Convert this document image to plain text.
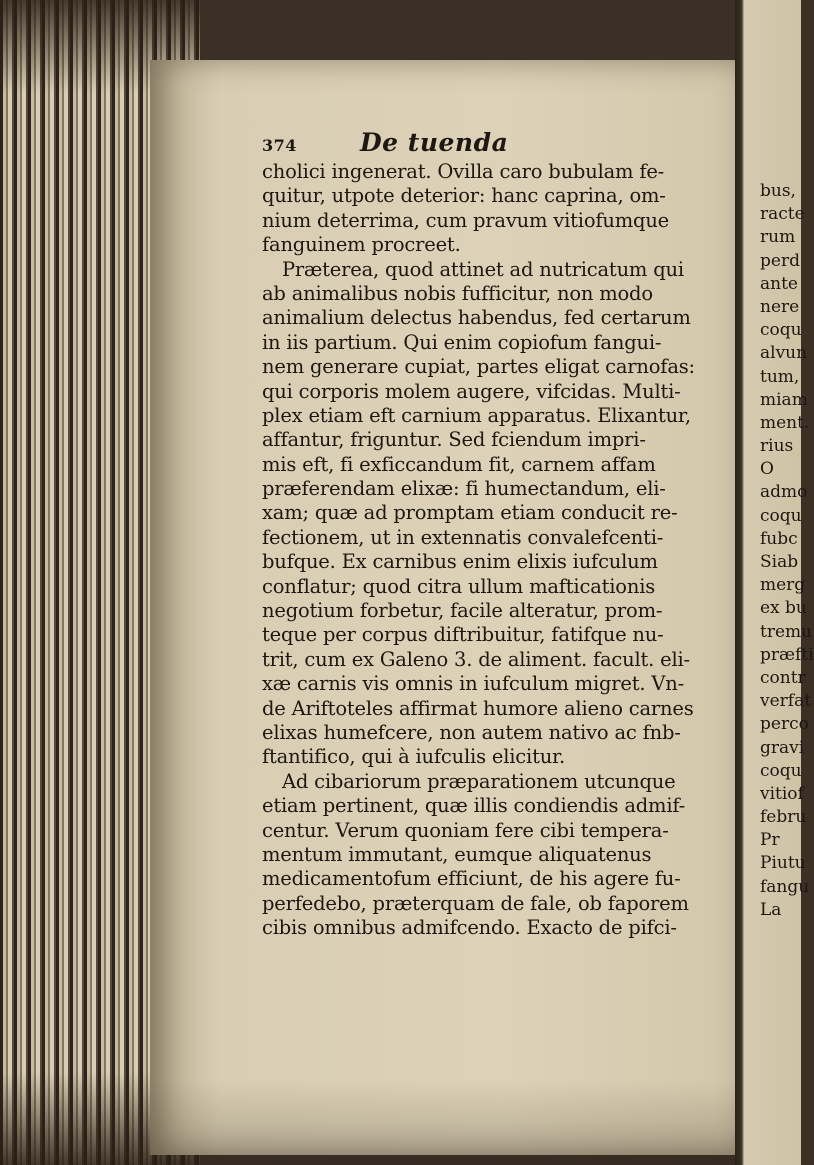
374	De tuenda
cholici ingenerat. Ovilla caro bubulam fe-
quitur, utpote deterior: hanc caprina, om-
nium deterrima, cum pravum vitiofumque
fanguinem procreet.
Præterea, quod attinet ad nutricatum qui
ab animalibus nobis fufficitur, non modo
animalium delectus habendus, fed certarum
in iis partium. Qui enim copiofum fangui-
nem generare cupiat, partes eligat carnofas:
qui corporis molem augere, vifcidas. Multi-
plex etiam eft carnium apparatus. Elixantur,
affantur, friguntur. Sed fciendum impri-
mis eft, fi exficcandum fit, carnem affam
præferendam elixæ: fi humectandum, eli-
xam; quæ ad promptam etiam conducit re-
fectionem, ut in extennatis convalefcenti-
bufque. Ex carnibus enim elixis iufculum
conflatur; quod citra ullum mafticationis
negotium forbetur, facile alteratur, prom-
teque per corpus diftribuitur, fatifque nu-
trit, cum ex Galeno 3. de aliment. facult. eli-
xæ carnis vis omnis in iufculum migret. Vn-
de Ariftoteles affirmat humore alieno carnes
elixas humefcere, non autem nativo ac fnb-
ftantifico, qui à iufculis elicitur.
Ad cibariorum præparationem utcunque
etiam pertinent, quæ illis condiendis admif-
centur. Verum quoniam fere cibi tempera-
mentum immutant, eumque aliquatenus
medicamentofum efficiunt, de his agere fu-
perfedebo, præterquam de fale, ob faporem
cibis omnibus admifcendo. Exacto de pifci-
bus,
racte
rum
perd
ante
nere
coqu
alvun
tum,
miam
ment.
rius
O
admo
coqu
fubc
Siab
merg
ex bu
tremu
præfti
contr
verfat
perco
gravi
coqu
vitiof
febru
Pr
Piutu
fangu
La
